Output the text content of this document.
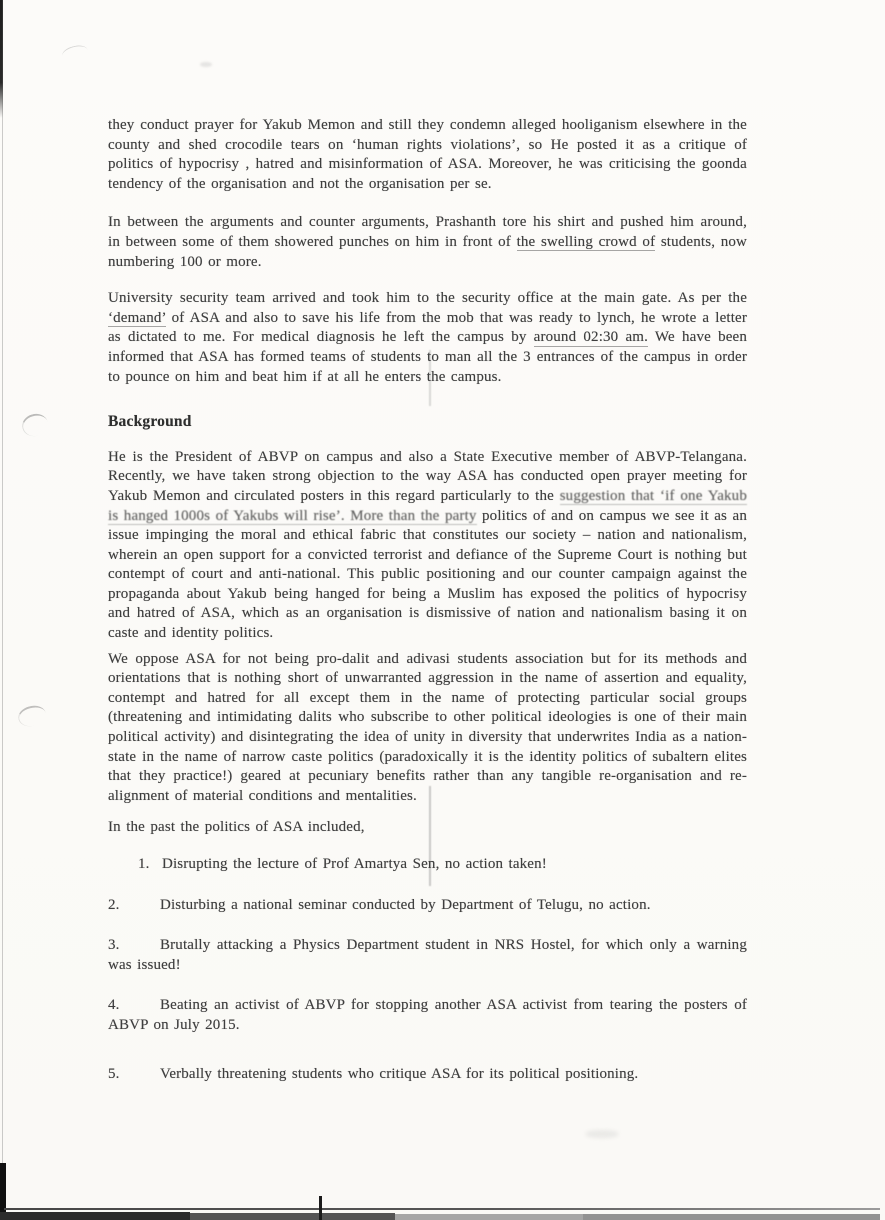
they conduct prayer for Yakub Memon and still they condemn alleged hooliganism elsewhere in the county and shed crocodile tears on ‘human rights violations’, so He posted it as a critique of politics of hypocrisy , hatred and misinformation of ASA. Moreover, he was criticising the goonda tendency of the organisation and not the organisation per se.

In between the arguments and counter arguments, Prashanth tore his shirt and pushed him around, in between some of them showered punches on him in front of the swelling crowd of students, now numbering 100 or more.

University security team arrived and took him to the security office at the main gate. As per the ‘demand’ of ASA and also to save his life from the mob that was ready to lynch, he wrote a letter as dictated to me. For medical diagnosis he left the campus by around 02:30 am. We have been informed that ASA has formed teams of students to man all the 3 entrances of the campus in order to pounce on him and beat him if at all he enters the campus.

Background

He is the President of ABVP on campus and also a State Executive member of ABVP-Telangana. Recently, we have taken strong objection to the way ASA has conducted open prayer meeting for Yakub Memon and circulated posters in this regard particularly to the suggestion that ‘if one Yakub is hanged 1000s of Yakubs will rise’. More than the party politics of and on campus we see it as an issue impinging the moral and ethical fabric that constitutes our society – nation and nationalism, wherein an open support for a convicted terrorist and defiance of the Supreme Court is nothing but contempt of court and anti-national. This public positioning and our counter campaign against the propaganda about Yakub being hanged for being a Muslim has exposed the politics of hypocrisy and hatred of ASA, which as an organisation is dismissive of nation and nationalism basing it on caste and identity politics.

We oppose ASA for not being pro-dalit and adivasi students association but for its methods and orientations that is nothing short of unwarranted aggression in the name of assertion and equality, contempt and hatred for all except them in the name of protecting particular social groups (threatening and intimidating dalits who subscribe to other political ideologies is one of their main political activity) and disintegrating the idea of unity in diversity that underwrites India as a nation-state in the name of narrow caste politics (paradoxically it is the identity politics of subaltern elites that they practice!) geared at pecuniary benefits rather than any tangible re-organisation and re-alignment of material conditions and mentalities.

In the past the politics of ASA included,

1. Disrupting the lecture of Prof Amartya Sen, no action taken!
2.	Disturbing a national seminar conducted by Department of Telugu, no action.
3.	Brutally attacking a Physics Department student in NRS Hostel, for which only a warning was issued!
4.	Beating an activist of ABVP for stopping another ASA activist from tearing the posters of ABVP on July 2015.
5.	Verbally threatening students who critique ASA for its political positioning.
